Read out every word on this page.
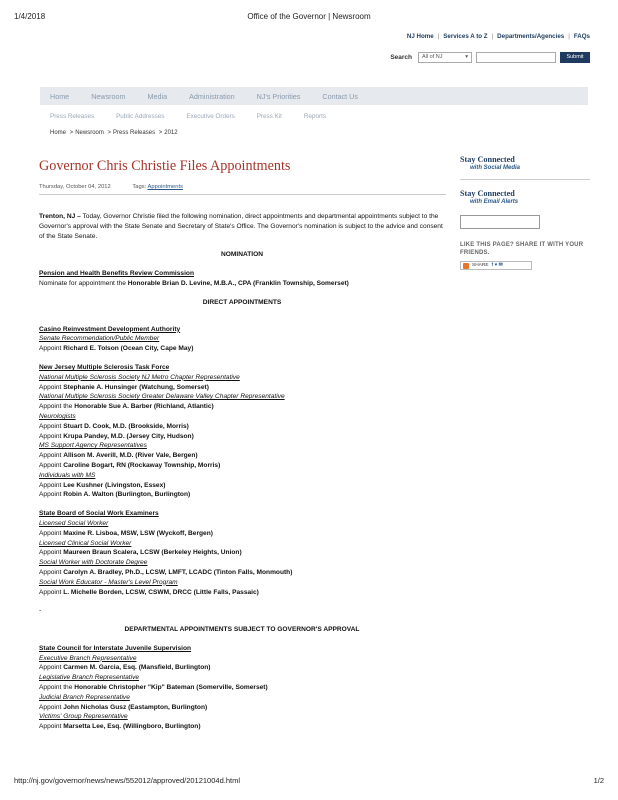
1/4/2018	Office of the Governor | Newsroom
NJ Home | Services A to Z | Departments/Agencies | FAQs
Search All of NJ	▾	Submit
Home	Newsroom	Media	Administration	NJ's Priorities	Contact Us
Press Releases	Public Addresses	Executive Orders	Press Kit	Reports
Home > Newsroom > Press Releases > 2012
Governor Chris Christie Files Appointments
Thursday, October 04, 2012	Tags: Appointments

Trenton, NJ – Today, Governor Christie filed the following nomination, direct appointments and departmental appointments subject to the Governor's approval with the State Senate and Secretary of State's Office. The Governor's nomination is subject to the advice and consent of the State Senate.

NOMINATION
Pension and Health Benefits Review Commission
Nominate for appointment the Honorable Brian D. Levine, M.B.A., CPA (Franklin Township, Somerset)
DIRECT APPOINTMENTS
Casino Reinvestment Development Authority
Senate Recommendation/Public Member
Appoint Richard E. Tolson (Ocean City, Cape May)
New Jersey Multiple Sclerosis Task Force
National Multiple Sclerosis Society NJ Metro Chapter Representative
Appoint Stephanie A. Hunsinger (Watchung, Somerset)
National Multiple Sclerosis Society Greater Delaware Valley Chapter Representative
Appoint the Honorable Sue A. Barber (Richland, Atlantic)
Neurologists
Appoint Stuart D. Cook, M.D. (Brookside, Morris)
Appoint Krupa Pandey, M.D. (Jersey City, Hudson)
MS Support Agency Representatives
Appoint Allison M. Averill, M.D. (River Vale, Bergen)
Appoint Caroline Bogart, RN (Rockaway Township, Morris)
Individuals with MS
Appoint Lee Kushner (Livingston, Essex)
Appoint Robin A. Walton (Burlington, Burlington)
State Board of Social Work Examiners
Licensed Social Worker
Appoint Maxine R. Lisboa, MSW, LSW (Wyckoff, Bergen)
Licensed Clinical Social Worker
Appoint Maureen Braun Scalera, LCSW (Berkeley Heights, Union)
Social Worker with Doctorate Degree
Appoint Carolyn A. Bradley, Ph.D., LCSW, LMFT, LCADC (Tinton Falls, Monmouth)
Social Work Educator - Master's Level Program
Appoint L. Michelle Borden, LCSW, CSWM, DRCC (Little Falls, Passaic)
-
DEPARTMENTAL APPOINTMENTS SUBJECT TO GOVERNOR'S APPROVAL
State Council for Interstate Juvenile Supervision
Executive Branch Representative
Appoint Carmen M. Garcia, Esq. (Mansfield, Burlington)
Legislative Branch Representative
Appoint the Honorable Christopher "Kip" Bateman (Somerville, Somerset)
Judicial Branch Representative
Appoint John Nicholas Gusz (Eastampton, Burlington)
Victims' Group Representative
Appoint Marsetta Lee, Esq. (Willingboro, Burlington)
Stay Connected
with Social Media
Stay Connected
with Email Alerts
LIKE THIS PAGE? SHARE IT WITH YOUR FRIENDS.
SHARE f ♥ ✉
http://nj.gov/governor/news/news/552012/approved/20121004d.html	1/2
